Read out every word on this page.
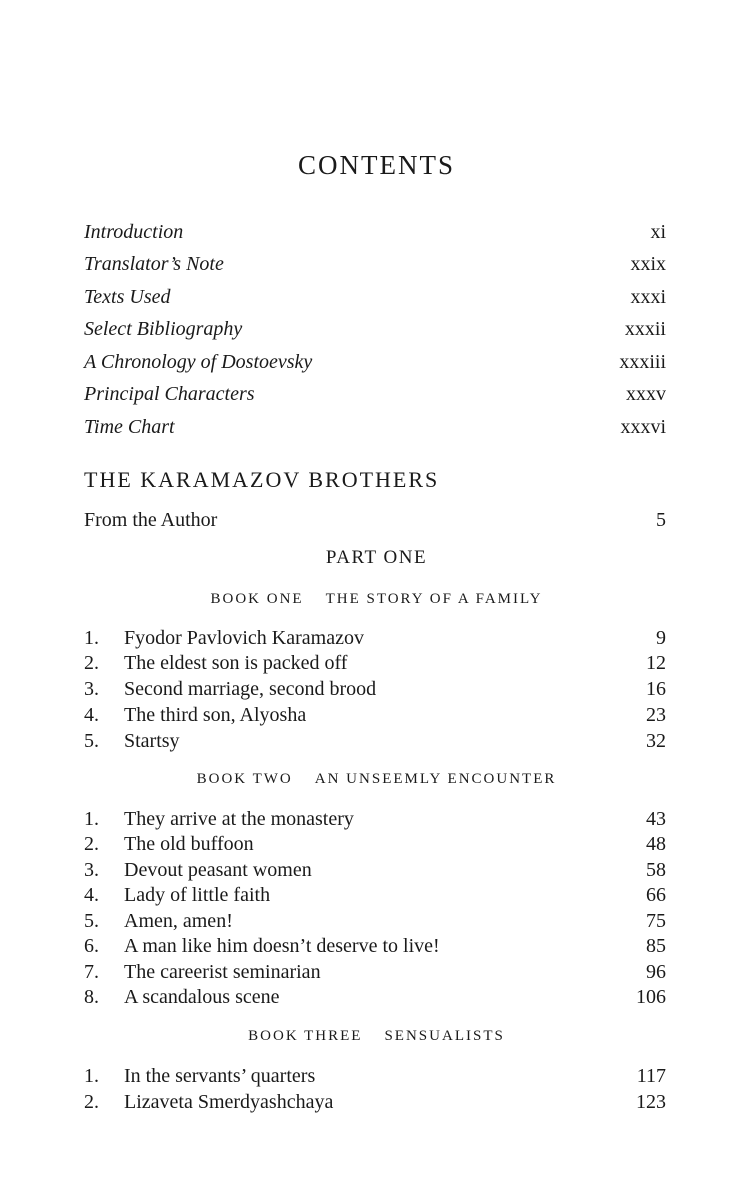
CONTENTS
Introduction	xi
Translator’s Note	xxix
Texts Used	xxxi
Select Bibliography	xxxii
A Chronology of Dostoevsky	xxxiii
Principal Characters	xxxv
Time Chart	xxxvi
THE KARAMAZOV BROTHERS
From the Author	5
PART ONE
BOOK ONE THE STORY OF A FAMILY
1. Fyodor Pavlovich Karamazov	9
2. The eldest son is packed off	12
3. Second marriage, second brood	16
4. The third son, Alyosha	23
5. Startsy	32
BOOK TWO AN UNSEEMLY ENCOUNTER
1. They arrive at the monastery	43
2. The old buffoon	48
3. Devout peasant women	58
4. Lady of little faith	66
5. Amen, amen!	75
6. A man like him doesn’t deserve to live!	85
7. The careerist seminarian	96
8. A scandalous scene	106
BOOK THREE SENSUALISTS
1. In the servants’ quarters	117
2. Lizaveta Smerdyashchaya	123
